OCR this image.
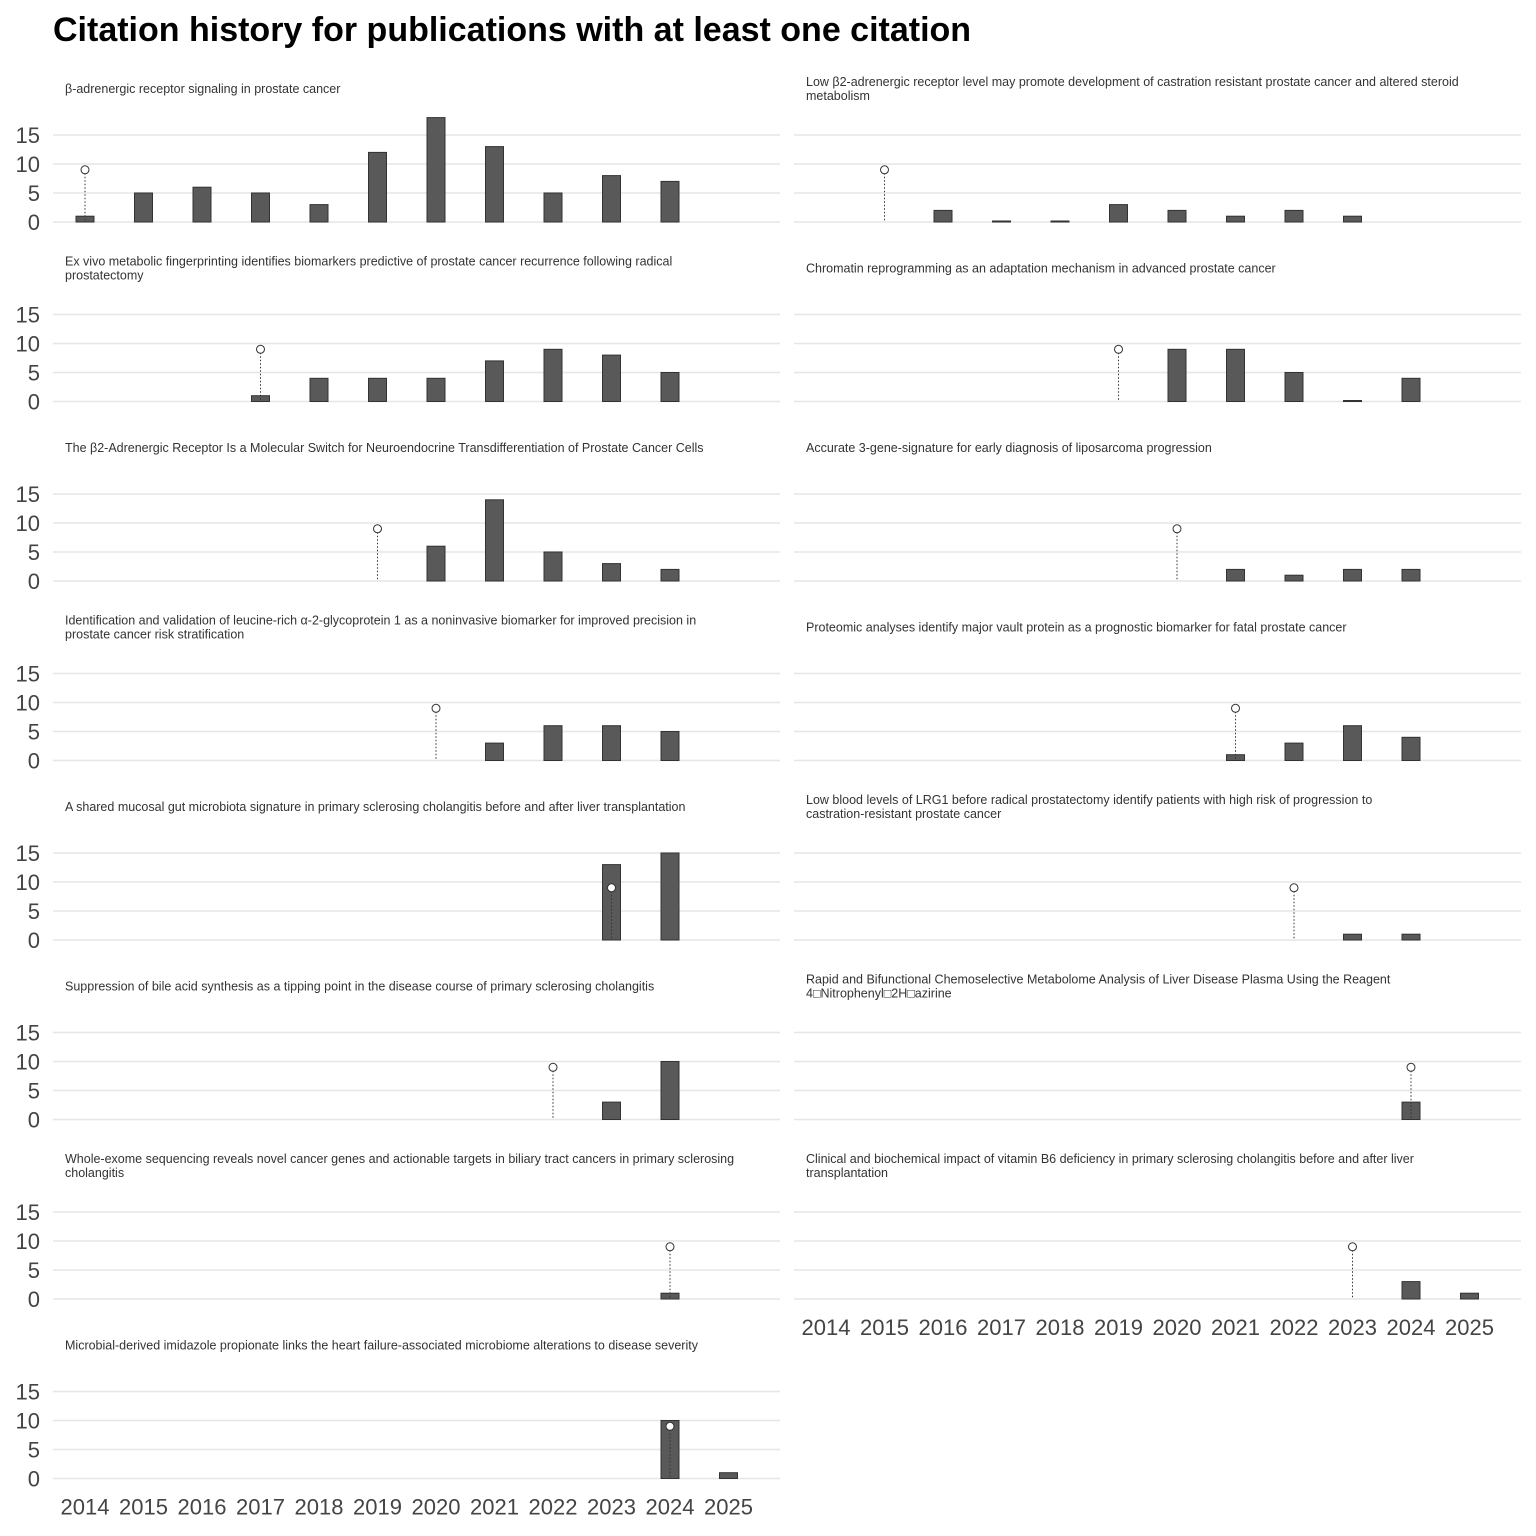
Citation history for publications with at least one citation
β-adrenergic receptor signaling in prostate cancer
0
5
10
15
Low β2-adrenergic receptor level may promote development of castration resistant prostate cancer and altered steroid
metabolism
Ex vivo metabolic fingerprinting identifies biomarkers predictive of prostate cancer recurrence following radical
prostatectomy
0
5
10
15
Chromatin reprogramming as an adaptation mechanism in advanced prostate cancer
The β2-Adrenergic Receptor Is a Molecular Switch for Neuroendocrine Transdifferentiation of Prostate Cancer Cells
0
5
10
15
Accurate 3-gene-signature for early diagnosis of liposarcoma progression
Identification and validation of leucine-rich α-2-glycoprotein 1 as a noninvasive biomarker for improved precision in
prostate cancer risk stratification
0
5
10
15
Proteomic analyses identify major vault protein as a prognostic biomarker for fatal prostate cancer
A shared mucosal gut microbiota signature in primary sclerosing cholangitis before and after liver transplantation
0
5
10
15
Low blood levels of LRG1 before radical prostatectomy identify patients with high risk of progression to
castration-resistant prostate cancer
Suppression of bile acid synthesis as a tipping point in the disease course of primary sclerosing cholangitis
0
5
10
15
Rapid and Bifunctional Chemoselective Metabolome Analysis of Liver Disease Plasma Using the Reagent
4□Nitrophenyl□2H□azirine
Whole-exome sequencing reveals novel cancer genes and actionable targets in biliary tract cancers in primary sclerosing
cholangitis
0
5
10
15
Clinical and biochemical impact of vitamin B6 deficiency in primary sclerosing cholangitis before and after liver
transplantation
2014 2015 2016 2017 2018 2019 2020 2021 2022 2023 2024 2025
Microbial-derived imidazole propionate links the heart failure-associated microbiome alterations to disease severity
0
5
10
15
2014 2015 2016 2017 2018 2019 2020 2021 2022 2023 2024 2025
